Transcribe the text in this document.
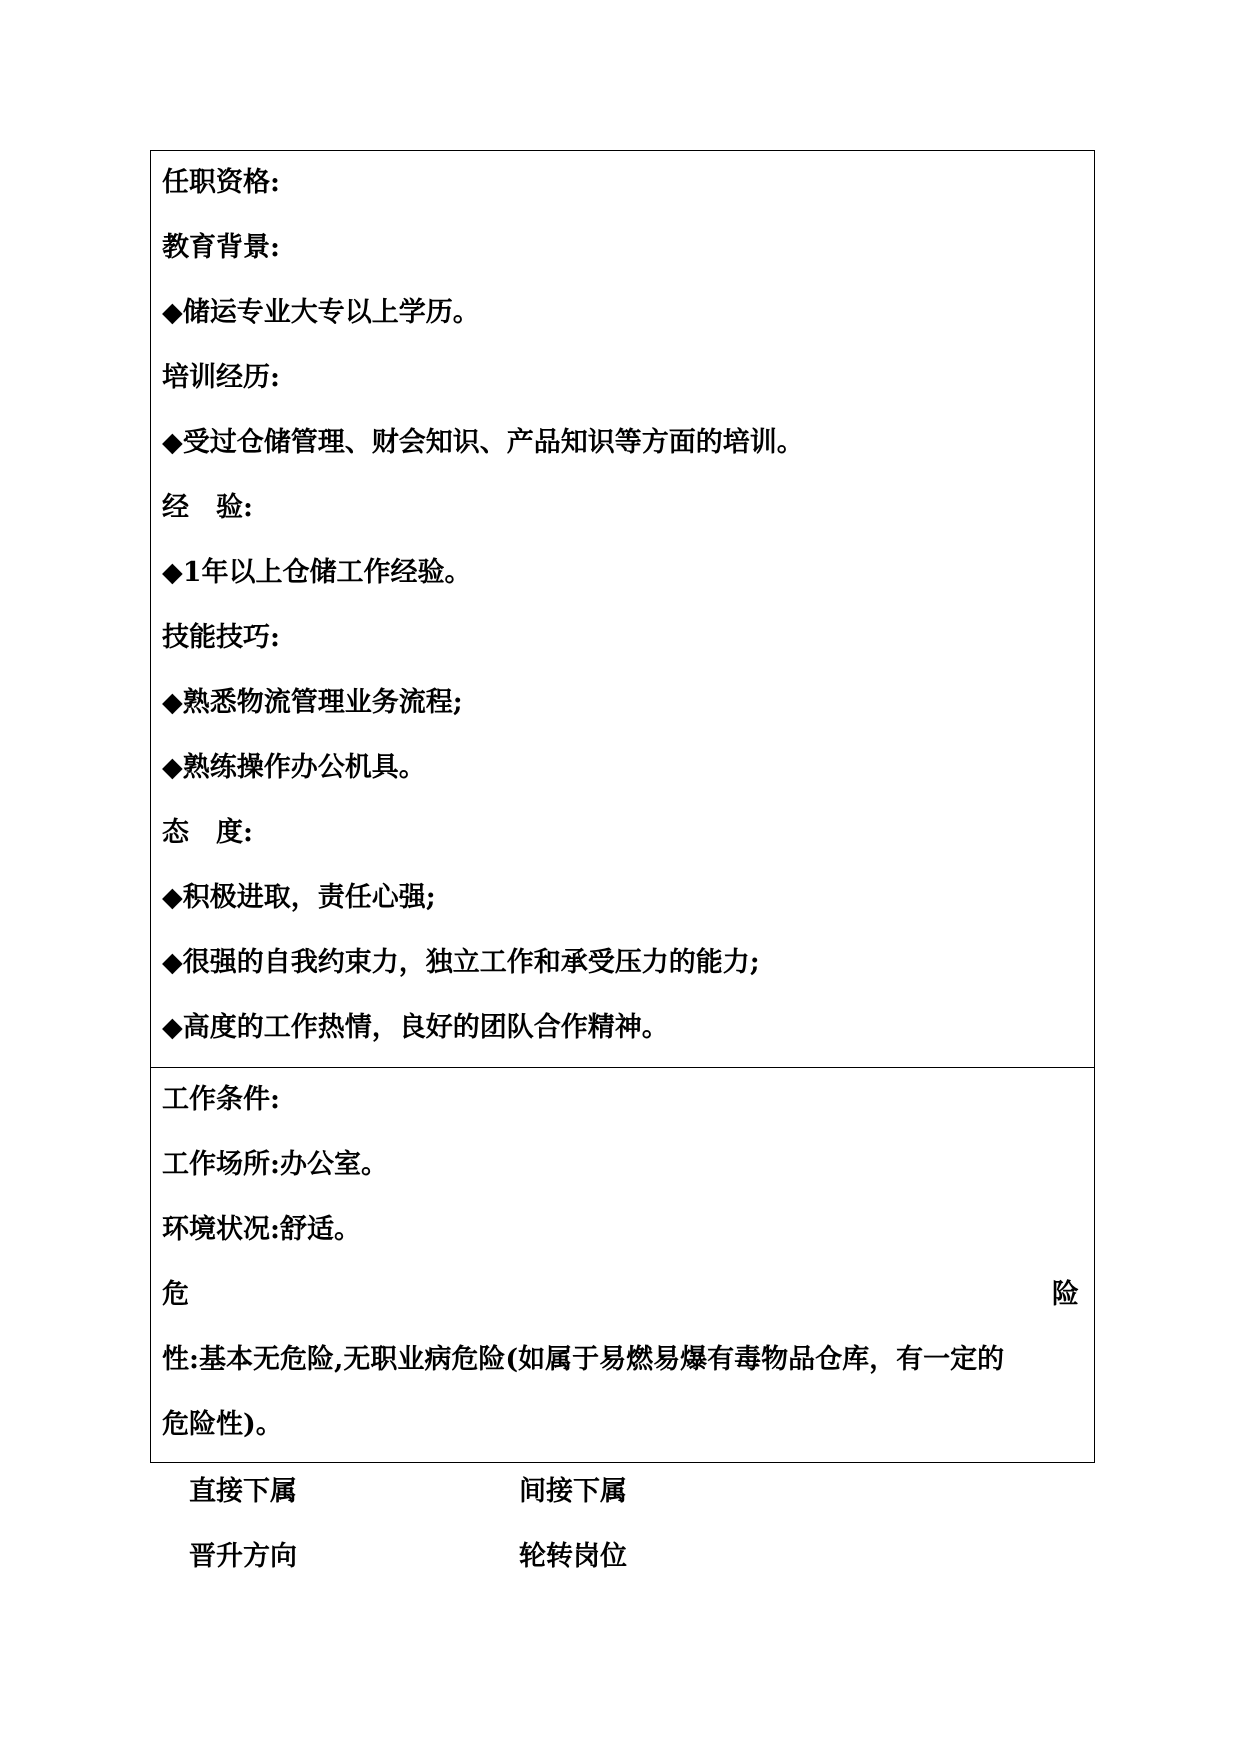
任职资格:
教育背景:
◆储运专业大专以上学历。
培训经历:
◆受过仓储管理、财会知识、产品知识等方面的培训。
经　验:
◆1年以上仓储工作经验。
技能技巧:
◆熟悉物流管理业务流程;
◆熟练操作办公机具。
态　度:
◆积极进取，责任心强;
◆很强的自我约束力，独立工作和承受压力的能力;
◆高度的工作热情，良好的团队合作精神。
工作条件:
工作场所:办公室。
环境状况:舒适。
危	险
性:基本无危险,无职业病危险(如属于易燃易爆有毒物品仓库，有一定的
危险性)。
直接下属	间接下属
晋升方向	轮转岗位
